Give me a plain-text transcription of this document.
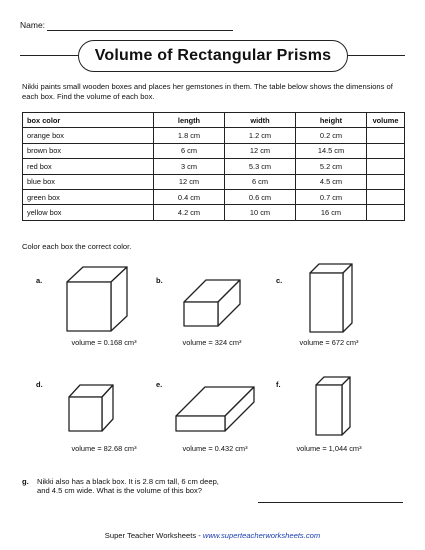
Name:
Volume of Rectangular Prisms
Nikki paints small wooden boxes and places her gemstones in them. The table below shows the dimensions of each box. Find the volume of each box.
box color	length	width	height	volume
orange box	1.8 cm	1.2 cm	0.2 cm	
brown box	6 cm	12 cm	14.5 cm	
red box	3 cm	5.3 cm	5.2 cm	
blue box	12 cm	6 cm	4.5 cm	
green box	0.4 cm	0.6 cm	0.7 cm	
yellow box	4.2 cm	10 cm	16 cm	
Color each box the correct color.
a.
volume = 0.168 cm³
b.
volume = 324 cm³
c.
volume = 672 cm³
d.
volume = 82.68 cm³
e.
volume = 0.432 cm³
f.
volume = 1,044 cm³
g. Nikki also has a black box. It is 2.8 cm tall, 6 cm deep, and 4.5 cm wide. What is the volume of this box?
Super Teacher Worksheets - www.superteacherworksheets.com
